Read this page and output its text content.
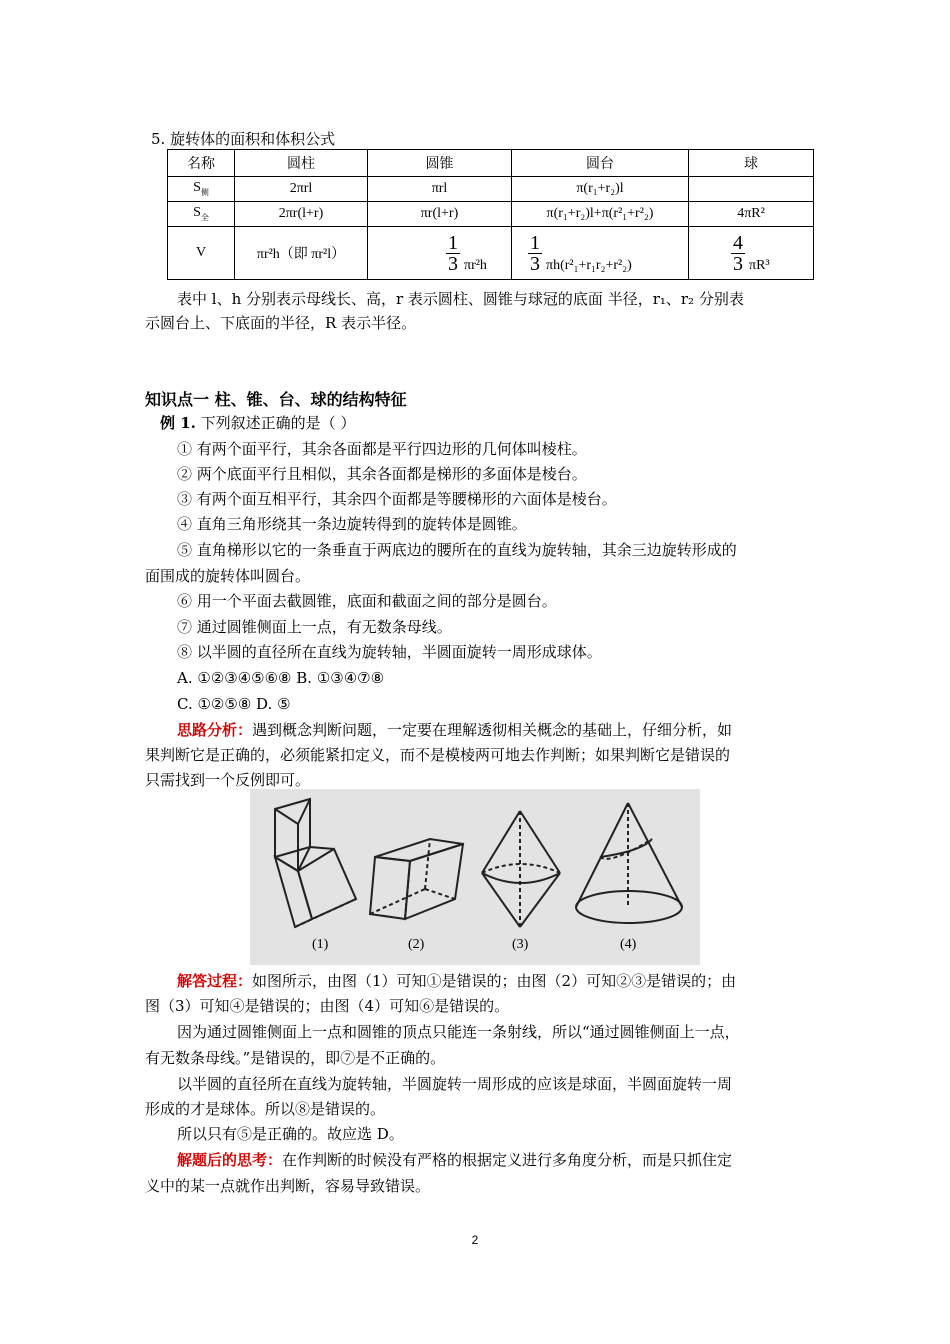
5. 旋转体的面积和体积公式
名称	圆柱	圆锥	圆台	球
$S_侧$	2πrl	πrl	π(r₁+r₂)l	
$S_全$	2πr(l+r)	πr(l+r)	π(r₁+r₂)l+π(r²₁+r²₂)	4πR²
V	πr²h（即 πr²l）	$\frac{1}{3} \pi r^2h$	$\frac{1}{3} \pi h(r^2_1+r_1r_2+r^2_2)$	$\frac{4}{3} \pi R^3$
表中 l、h 分别表示母线长、高，r 表示圆柱、圆锥与球冠的底面 半径，r₁、r₂ 分别表
示圆台上、下底面的半径，R 表示半径。
知识点一 柱、锥、台、球的结构特征
例 1. 下列叙述正确的是（ ）
① 有两个面平行，其余各面都是平行四边形的几何体叫棱柱。
② 两个底面平行且相似，其余各面都是梯形的多面体是棱台。
③ 有两个面互相平行，其余四个面都是等腰梯形的六面体是棱台。
④ 直角三角形绕其一条边旋转得到的旋转体是圆锥。
⑤ 直角梯形以它的一条垂直于两底边的腰所在的直线为旋转轴，其余三边旋转形成的
面围成的旋转体叫圆台。
⑥ 用一个平面去截圆锥，底面和截面之间的部分是圆台。
⑦ 通过圆锥侧面上一点，有无数条母线。
⑧ 以半圆的直径所在直线为旋转轴，半圆面旋转一周形成球体。
A. ①②③④⑤⑥⑧ B. ①③④⑦⑧
C. ①②⑤⑧ D. ⑤
思路分析：遇到概念判断问题，一定要在理解透彻相关概念的基础上，仔细分析，如
果判断它是正确的，必须能紧扣定义，而不是模棱两可地去作判断；如果判断它是错误的
只需找到一个反例即可。
(1)	(2)	(3)	(4)
解答过程：如图所示，由图（1）可知①是错误的；由图（2）可知②③是错误的；由
图（3）可知④是错误的；由图（4）可知⑥是错误的。
因为通过圆锥侧面上一点和圆锥的顶点只能连一条射线，所以“通过圆锥侧面上一点，
有无数条母线。”是错误的，即⑦是不正确的。
以半圆的直径所在直线为旋转轴，半圆旋转一周形成的应该是球面，半圆面旋转一周
形成的才是球体。所以⑧是错误的。
所以只有⑤是正确的。故应选 D。
解题后的思考：在作判断的时候没有严格的根据定义进行多角度分析，而是只抓住定
义中的某一点就作出判断，容易导致错误。
2
